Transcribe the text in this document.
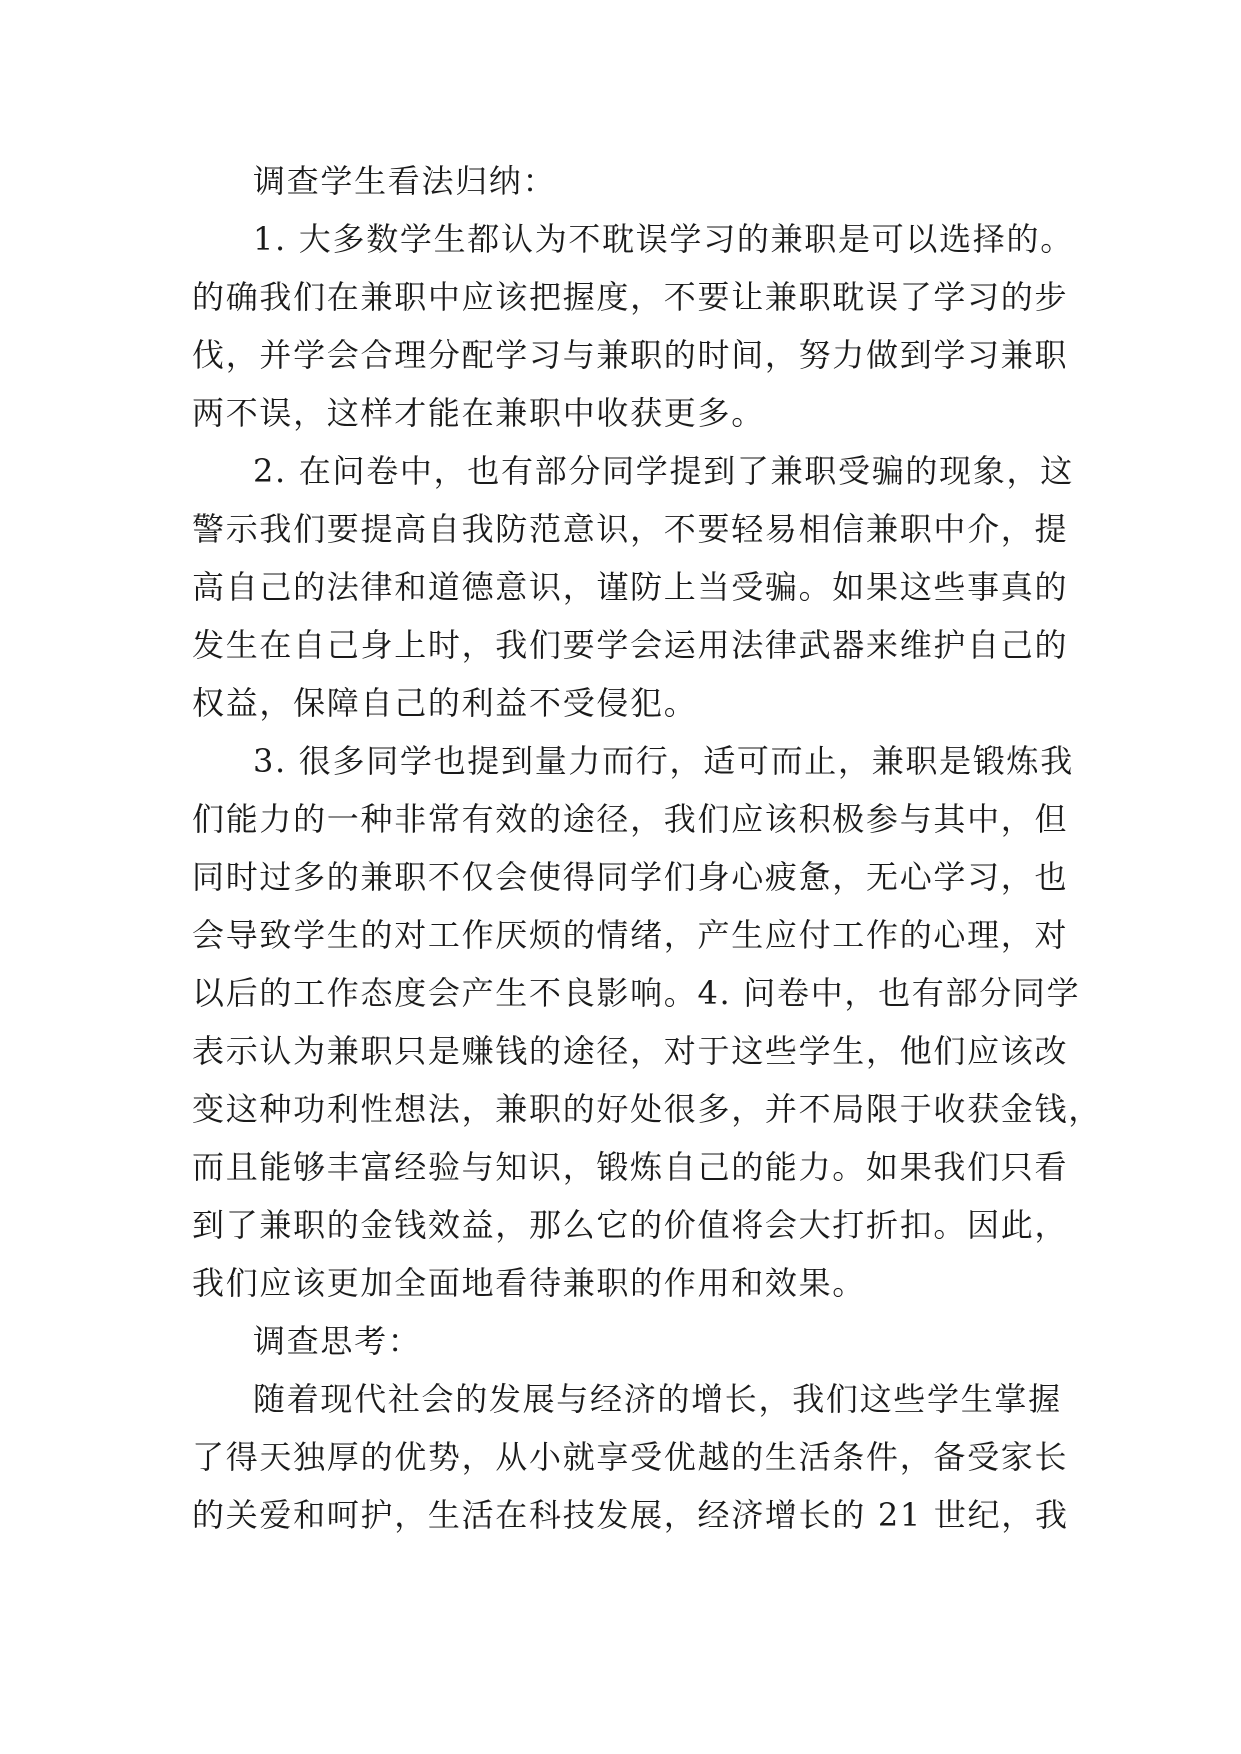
调查学生看法归纳：
1. 大多数学生都认为不耽误学习的兼职是可以选择的。
的确我们在兼职中应该把握度，不要让兼职耽误了学习的步
伐，并学会合理分配学习与兼职的时间，努力做到学习兼职
两不误，这样才能在兼职中收获更多。
2. 在问卷中，也有部分同学提到了兼职受骗的现象，这
警示我们要提高自我防范意识，不要轻易相信兼职中介，提
高自己的法律和道德意识，谨防上当受骗。如果这些事真的
发生在自己身上时，我们要学会运用法律武器来维护自己的
权益，保障自己的利益不受侵犯。
3. 很多同学也提到量力而行，适可而止，兼职是锻炼我
们能力的一种非常有效的途径，我们应该积极参与其中，但
同时过多的兼职不仅会使得同学们身心疲惫，无心学习，也
会导致学生的对工作厌烦的情绪，产生应付工作的心理，对
以后的工作态度会产生不良影响。4. 问卷中，也有部分同学
表示认为兼职只是赚钱的途径，对于这些学生，他们应该改
变这种功利性想法，兼职的好处很多，并不局限于收获金钱，
而且能够丰富经验与知识，锻炼自己的能力。如果我们只看
到了兼职的金钱效益，那么它的价值将会大打折扣。因此，
我们应该更加全面地看待兼职的作用和效果。
调查思考：
随着现代社会的发展与经济的增长，我们这些学生掌握
了得天独厚的优势，从小就享受优越的生活条件，备受家长
的关爱和呵护，生活在科技发展，经济增长的 21 世纪，我
